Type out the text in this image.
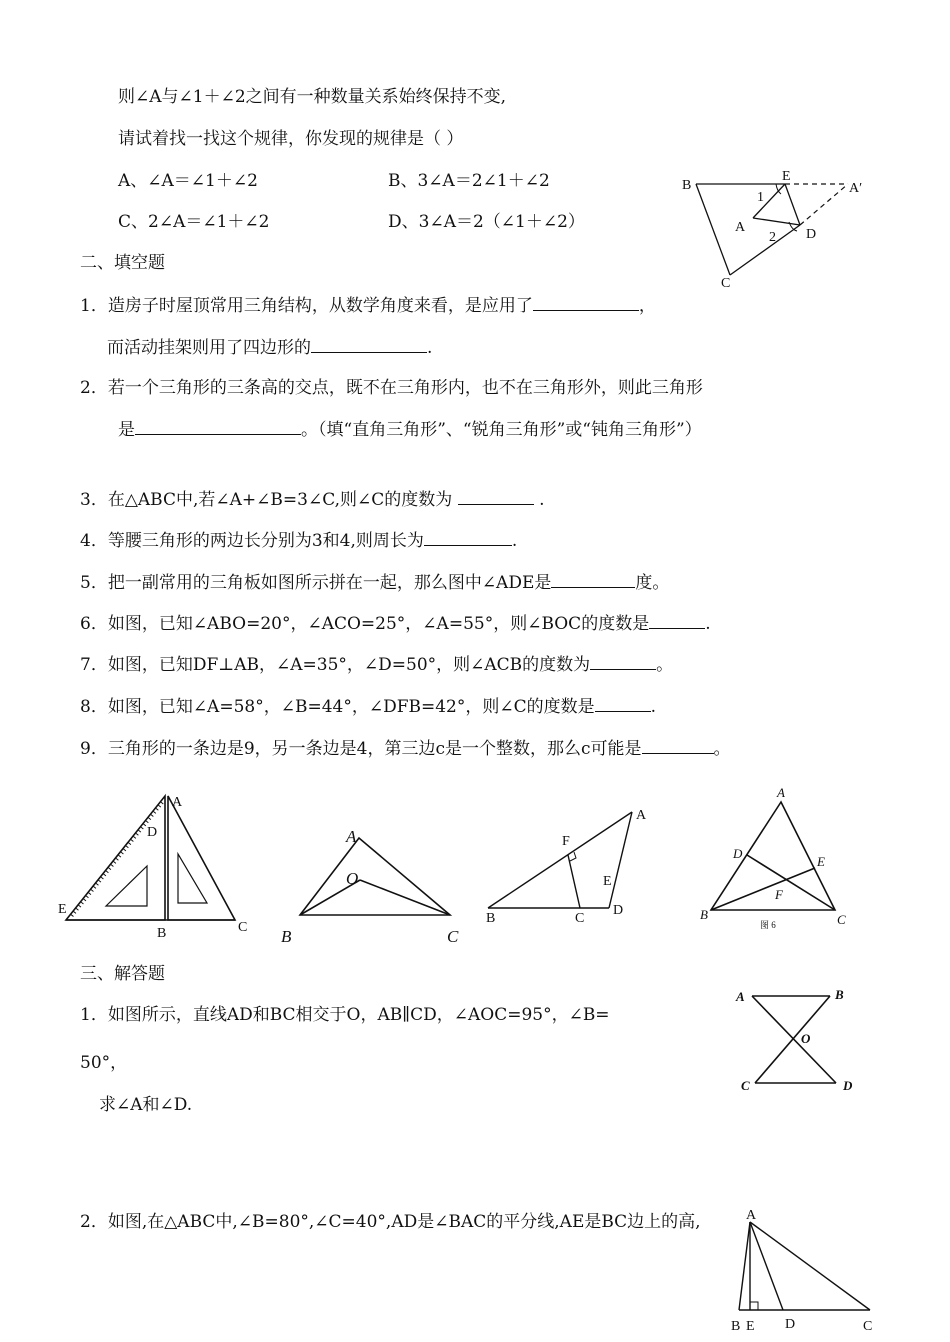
则∠A与∠1＋∠2之间有一种数量关系始终保持不变,
请试着找一找这个规律，你发现的规律是（ ）
A、∠A＝∠1＋∠2	B、3∠A＝2∠1＋∠2
C、2∠A＝∠1＋∠2	D、3∠A＝2（∠1＋∠2）
B
E
A′
1
A
2 D
C
二、填空题
1．造房子时屋顶常用三角结构，从数学角度来看，是应用了	，
而活动挂架则用了四边形的	.
2．若一个三角形的三条高的交点，既不在三角形内，也不在三角形外，则此三角形
是	。（填“直角三角形”、“锐角三角形”或“钝角三角形”）
3．在△ABC中,若∠A+∠B=3∠C,则∠C的度数为	.
4．等腰三角形的两边长分别为3和4,则周长为	.
5．把一副常用的三角板如图所示拼在一起，那么图中∠ADE是	度。
6．如图，已知∠ABO=20°，∠ACO=25°，∠A=55°，则∠BOC的度数是	.
7．如图，已知DF⊥AB，∠A=35°，∠D=50°，则∠ACB的度数为	。
8．如图，已知∠A=58°，∠B=44°，∠DFB=42°，则∠C的度数是	.
9．三角形的一条边是9，另一条边是4，第三边c是一个整数，那么c可能是	。
A
D
E
B	C
A
O
B	C
A
F
E
B	C
D
A
D
E
F
B	C
图 6
三、解答题
1．如图所示，直线AD和BC相交于O，AB∥CD，∠AOC=95°，∠B=
50°，
求∠A和∠D.
A	B
O
C	D
2．如图,在△ABC中,∠B=80°,∠C=40°,AD是∠BAC的平分线,AE是BC边上的高,	A
B E D	C
